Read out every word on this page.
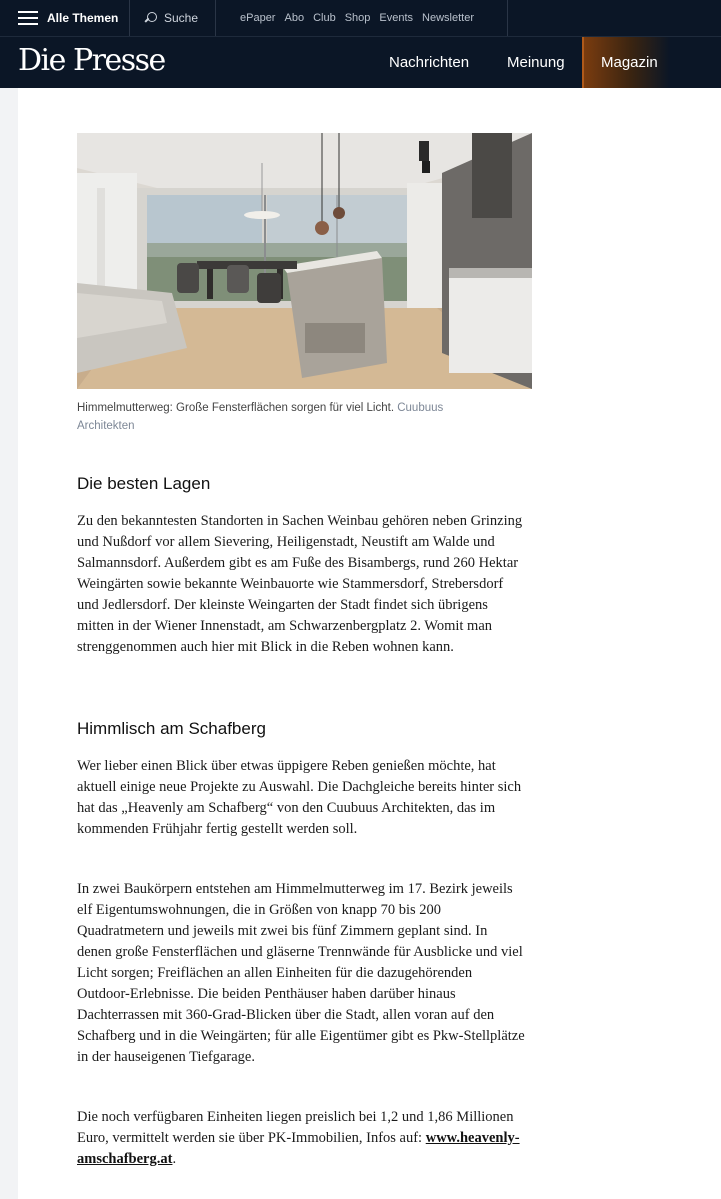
Alle Themen	Suche	ePaper Abo Club Shop Events Newsletter
Die Presse	Nachrichten	Meinung	Magazin
Himmelmutterweg: Große Fensterflächen sorgen für viel Licht. Cuubuus Architekten
Die besten Lagen

Zu den bekanntesten Standorten in Sachen Weinbau gehören neben Grinzing und Nußdorf vor allem Sievering, Heiligenstadt, Neustift am Walde und Salmannsdorf. Außerdem gibt es am Fuße des Bisambergs, rund 260 Hektar Weingärten sowie bekannte Weinbauorte wie Stammersdorf, Strebersdorf und Jedlersdorf. Der kleinste Weingarten der Stadt findet sich übrigens mitten in der Wiener Innenstadt, am Schwarzenbergplatz 2. Womit man strenggenommen auch hier mit Blick in die Reben wohnen kann.

Himmlisch am Schafberg

Wer lieber einen Blick über etwas üppigere Reben genießen möchte, hat aktuell einige neue Projekte zu Auswahl. Die Dachgleiche bereits hinter sich hat das „Heavenly am Schafberg“ von den Cuubuus Architekten, das im kommenden Frühjahr fertig gestellt werden soll.

In zwei Baukörpern entstehen am Himmelmutterweg im 17. Bezirk jeweils elf Eigentumswohnungen, die in Größen von knapp 70 bis 200 Quadratmetern und jeweils mit zwei bis fünf Zimmern geplant sind. In denen große Fensterflächen und gläserne Trennwände für Ausblicke und viel Licht sorgen; Freiflächen an allen Einheiten für die dazugehörenden Outdoor-Erlebnisse. Die beiden Penthäuser haben darüber hinaus Dachterrassen mit 360-Grad-Blicken über die Stadt, allen voran auf den Schafberg und in die Weingärten; für alle Eigentümer gibt es Pkw-Stellplätze in der hauseigenen Tiefgarage.

Die noch verfügbaren Einheiten liegen preislich bei 1,2 und 1,86 Millionen Euro, vermittelt werden sie über PK-Immobilien, Infos auf: www.heavenly-amschafberg.at.
